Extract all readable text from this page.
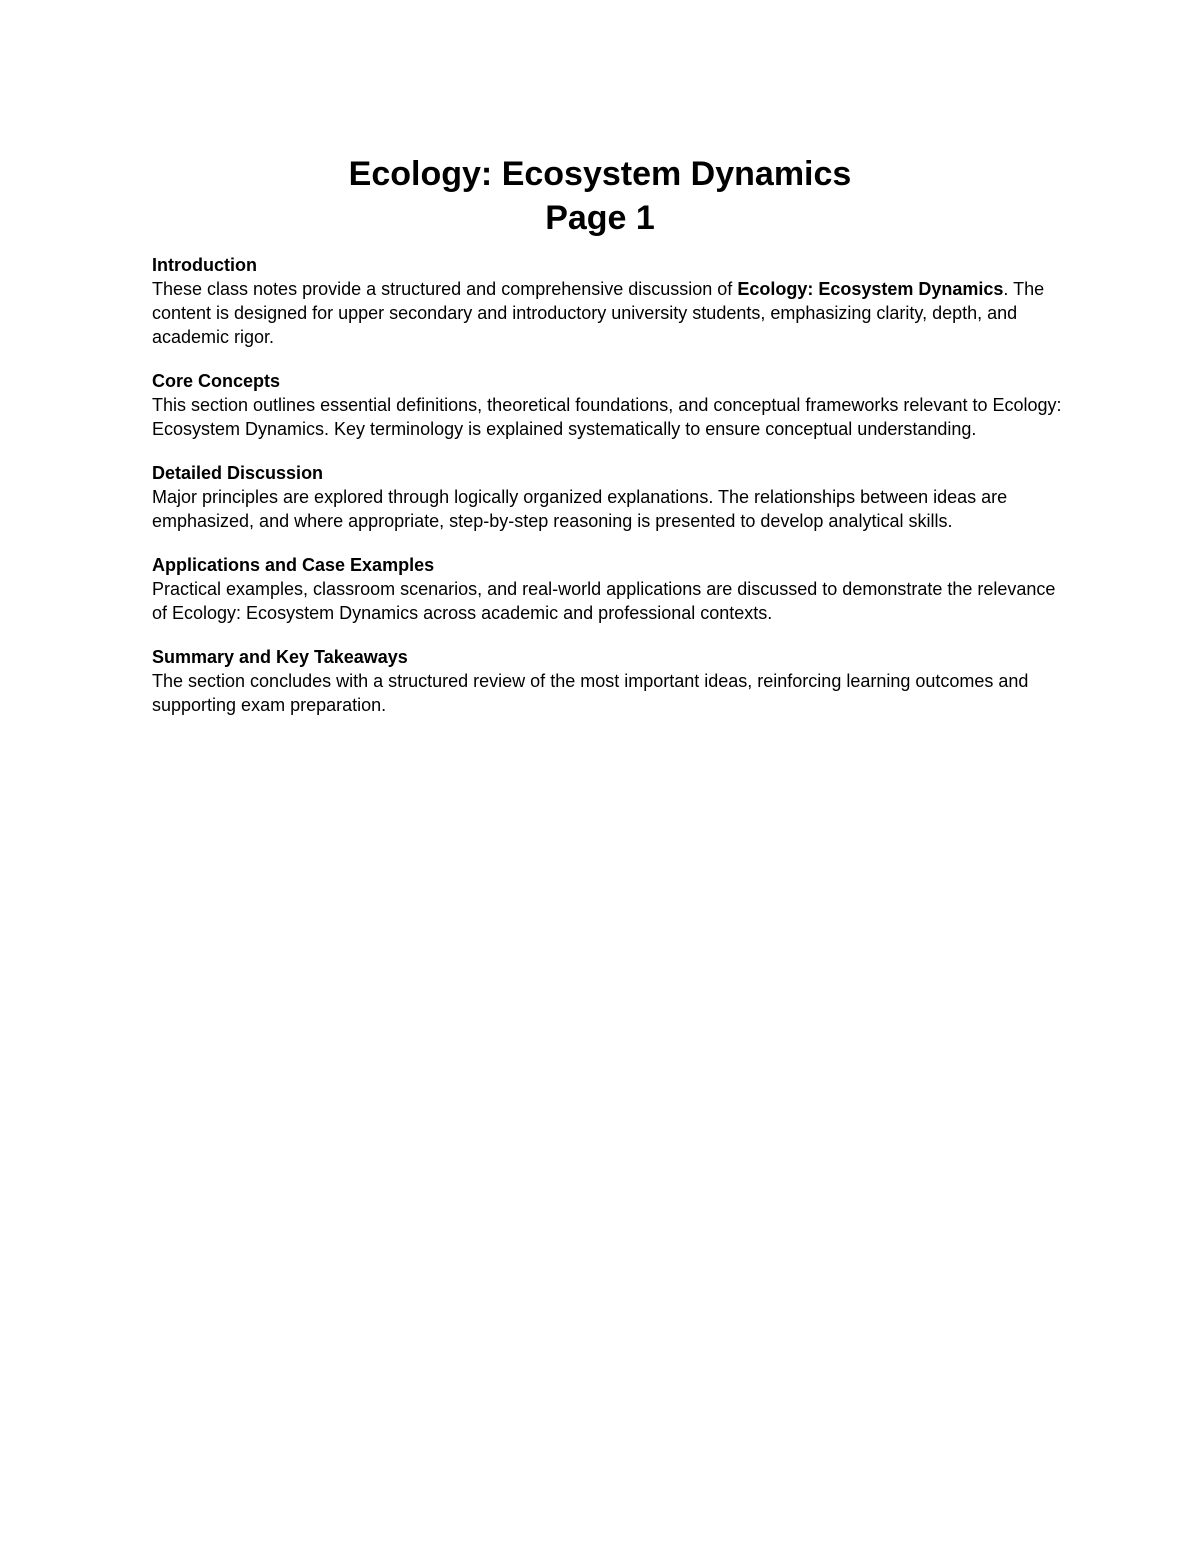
Ecology: Ecosystem Dynamics
Page 1
Introduction

These class notes provide a structured and comprehensive discussion of Ecology: Ecosystem Dynamics. The content is designed for upper secondary and introductory university students, emphasizing clarity, depth, and academic rigor.

Core Concepts

This section outlines essential definitions, theoretical foundations, and conceptual frameworks relevant to Ecology: Ecosystem Dynamics. Key terminology is explained systematically to ensure conceptual understanding.

Detailed Discussion

Major principles are explored through logically organized explanations. The relationships between ideas are emphasized, and where appropriate, step-by-step reasoning is presented to develop analytical skills.

Applications and Case Examples

Practical examples, classroom scenarios, and real-world applications are discussed to demonstrate the relevance of Ecology: Ecosystem Dynamics across academic and professional contexts.

Summary and Key Takeaways

The section concludes with a structured review of the most important ideas, reinforcing learning outcomes and supporting exam preparation.
